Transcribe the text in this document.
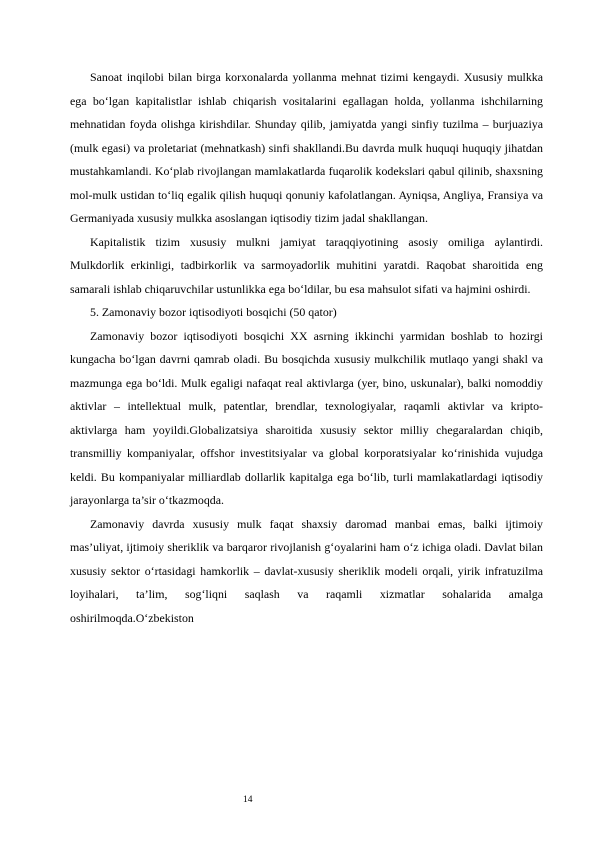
Sanoat inqilobi bilan birga korxonalarda yollanma mehnat tizimi kengaydi. Xususiy mulkka ega bo‘lgan kapitalistlar ishlab chiqarish vositalarini egallagan holda, yollanma ishchilarning mehnatidan foyda olishga kirishdilar. Shunday qilib, jamiyatda yangi sinfiy tuzilma – burjuaziya (mulk egasi) va proletariat (mehnatkash) sinfi shakllandi.Bu davrda mulk huquqi huquqiy jihatdan mustahkamlandi. Ko‘plab rivojlangan mamlakatlarda fuqarolik kodekslari qabul qilinib, shaxsning mol-mulk ustidan to‘liq egalik qilish huquqi qonuniy kafolatlangan. Ayniqsa, Angliya, Fransiya va Germaniyada xususiy mulkka asoslangan iqtisodiy tizim jadal shakllangan.

Kapitalistik tizim xususiy mulkni jamiyat taraqqiyotining asosiy omiliga aylantirdi. Mulkdorlik erkinligi, tadbirkorlik va sarmoyadorlik muhitini yaratdi. Raqobat sharoitida eng samarali ishlab chiqaruvchilar ustunlikka ega bo‘ldilar, bu esa mahsulot sifati va hajmini oshirdi.

5. Zamonaviy bozor iqtisodiyoti bosqichi (50 qator)

Zamonaviy bozor iqtisodiyoti bosqichi XX asrning ikkinchi yarmidan boshlab to hozirgi kungacha bo‘lgan davrni qamrab oladi. Bu bosqichda xususiy mulkchilik mutlaqo yangi shakl va mazmunga ega bo‘ldi. Mulk egaligi nafaqat real aktivlarga (yer, bino, uskunalar), balki nomoddiy aktivlar – intellektual mulk, patentlar, brendlar, texnologiyalar, raqamli aktivlar va kripto-aktivlarga ham yoyildi.Globalizatsiya sharoitida xususiy sektor milliy chegaralardan chiqib, transmilliy kompaniyalar, offshor investitsiyalar va global korporatsiyalar ko‘rinishida vujudga keldi. Bu kompaniyalar milliardlab dollarlik kapitalga ega bo‘lib, turli mamlakatlardagi iqtisodiy jarayonlarga ta’sir o‘tkazmoqda.

Zamonaviy davrda xususiy mulk faqat shaxsiy daromad manbai emas, balki ijtimoiy mas’uliyat, ijtimoiy sheriklik va barqaror rivojlanish g‘oyalarini ham o‘z ichiga oladi. Davlat bilan xususiy sektor o‘rtasidagi hamkorlik – davlat-xususiy sheriklik modeli orqali, yirik infratuzilma loyihalari, ta’lim, sog‘liqni saqlash va raqamli xizmatlar sohalarida amalga oshirilmoqda.O‘zbekiston

14
